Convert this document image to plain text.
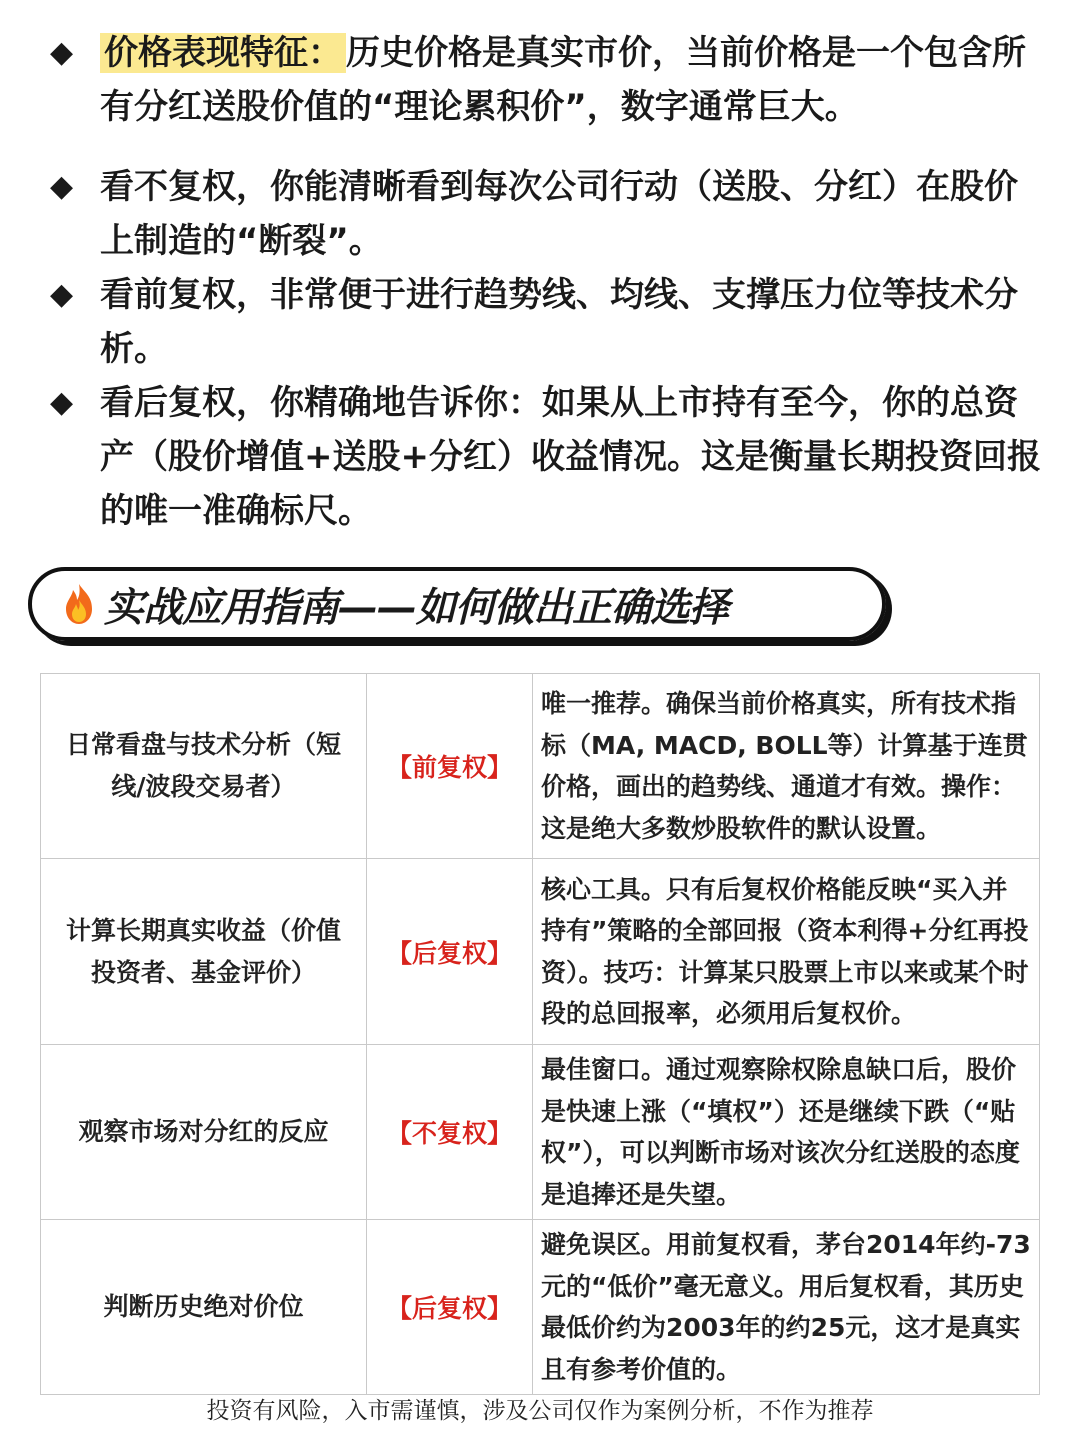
◆ 价格表现特征： 历史价格是真实市价，当前价格是一个包含所有分红送股价值的“理论累积价”，数字通常巨大。
◆ 看不复权，你能清晰看到每次公司行动（送股、分红）在股价上制造的“断裂”。
◆ 看前复权，非常便于进行趋势线、均线、支撑压力位等技术分析。
◆ 看后复权，你精确地告诉你：如果从上市持有至今，你的总资产（股价增值+送股+分红）收益情况。这是衡量长期投资回报的唯一准确标尺。
实战应用指南——如何做出正确选择
日常看盘与技术分析（短线/波段交易者）	【前复权】	唯一推荐。确保当前价格真实，所有技术指标（MA, MACD, BOLL等）计算基于连贯价格，画出的趋势线、通道才有效。操作：这是绝大多数炒股软件的默认设置。
计算长期真实收益（价值投资者、基金评价）	【后复权】	核心工具。只有后复权价格能反映“买入并持有”策略的全部回报（资本利得+分红再投资）。技巧：计算某只股票上市以来或某个时段的总回报率，必须用后复权价。
观察市场对分红的反应	【不复权】	最佳窗口。通过观察除权除息缺口后，股价是快速上涨（“填权”）还是继续下跌（“贴权”），可以判断市场对该次分红送股的态度是追捧还是失望。
判断历史绝对价位	【后复权】	避免误区。用前复权看，茅台2014年约-73元的“低价”毫无意义。用后复权看，其历史最低价约为2003年的约25元，这才是真实且有参考价值的。
投资有风险，入市需谨慎，涉及公司仅作为案例分析，不作为推荐
